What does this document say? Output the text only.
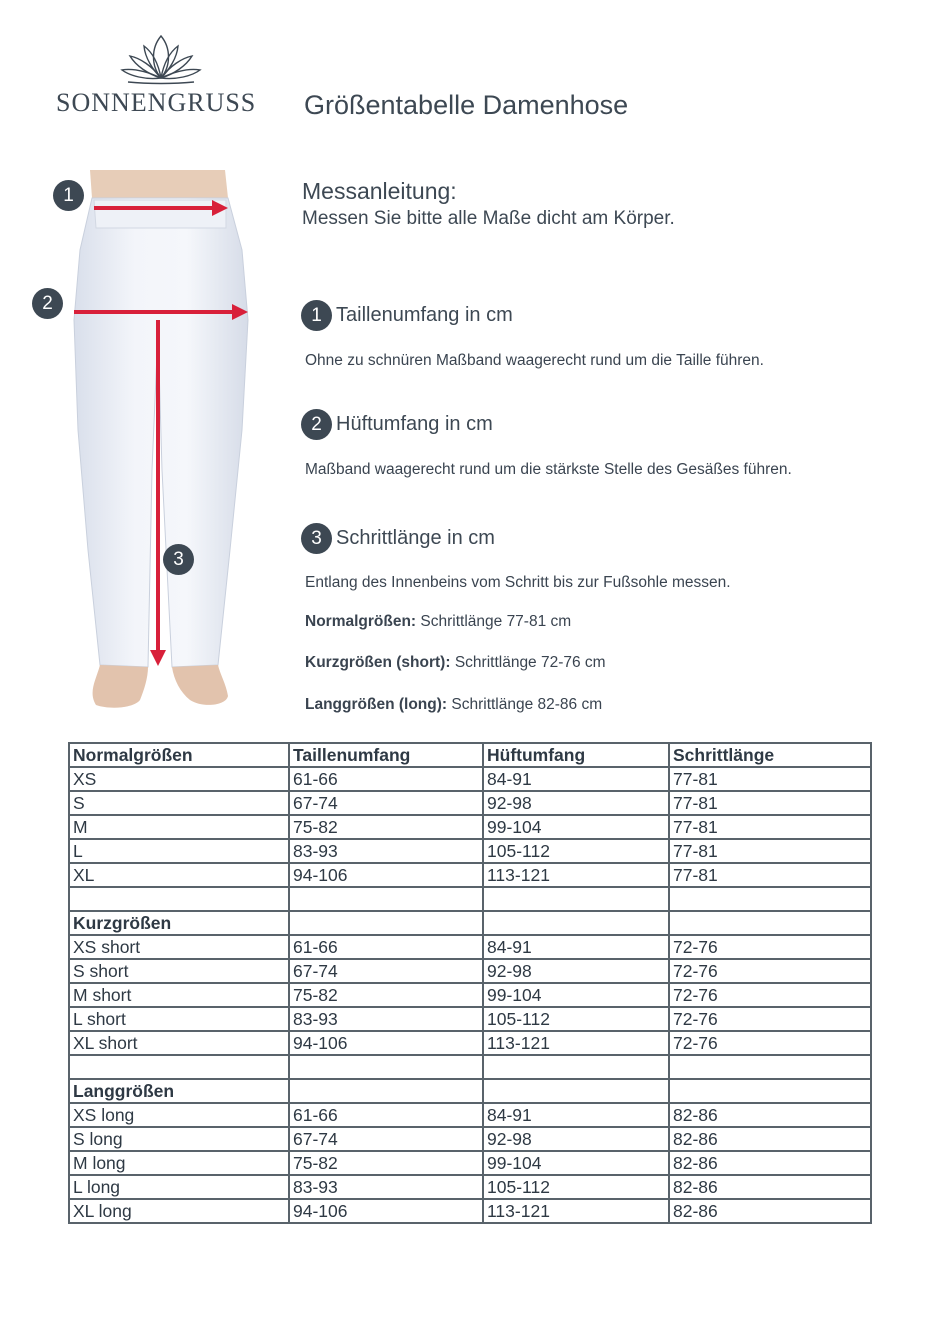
SONNENGRUSS Größentabelle Damenhose
1
2
3
Messanleitung:
Messen Sie bitte alle Maße dicht am Körper.
1 Taillenumfang in cm
Ohne zu schnüren Maßband waagerecht rund um die Taille führen.
2 Hüftumfang in cm
Maßband waagerecht rund um die stärkste Stelle des Gesäßes führen.
3 Schrittlänge in cm
Entlang des Innenbeins vom Schritt bis zur Fußsohle messen.
Normalgrößen: Schrittlänge 77-81 cm
Kurzgrößen (short): Schrittlänge 72-76 cm
Langgrößen (long): Schrittlänge 82-86 cm
Normalgrößen	Taillenumfang	Hüftumfang	Schrittlänge
XS	61-66	84-91	77-81
S	67-74	92-98	77-81
M	75-82	99-104	77-81
L	83-93	105-112	77-81
XL	94-106	113-121	77-81

Kurzgrößen			
XS short	61-66	84-91	72-76
S short	67-74	92-98	72-76
M short	75-82	99-104	72-76
L short	83-93	105-112	72-76
XL short	94-106	113-121	72-76

Langgrößen			
XS long	61-66	84-91	82-86
S long	67-74	92-98	82-86
M long	75-82	99-104	82-86
L long	83-93	105-112	82-86
XL long	94-106	113-121	82-86
